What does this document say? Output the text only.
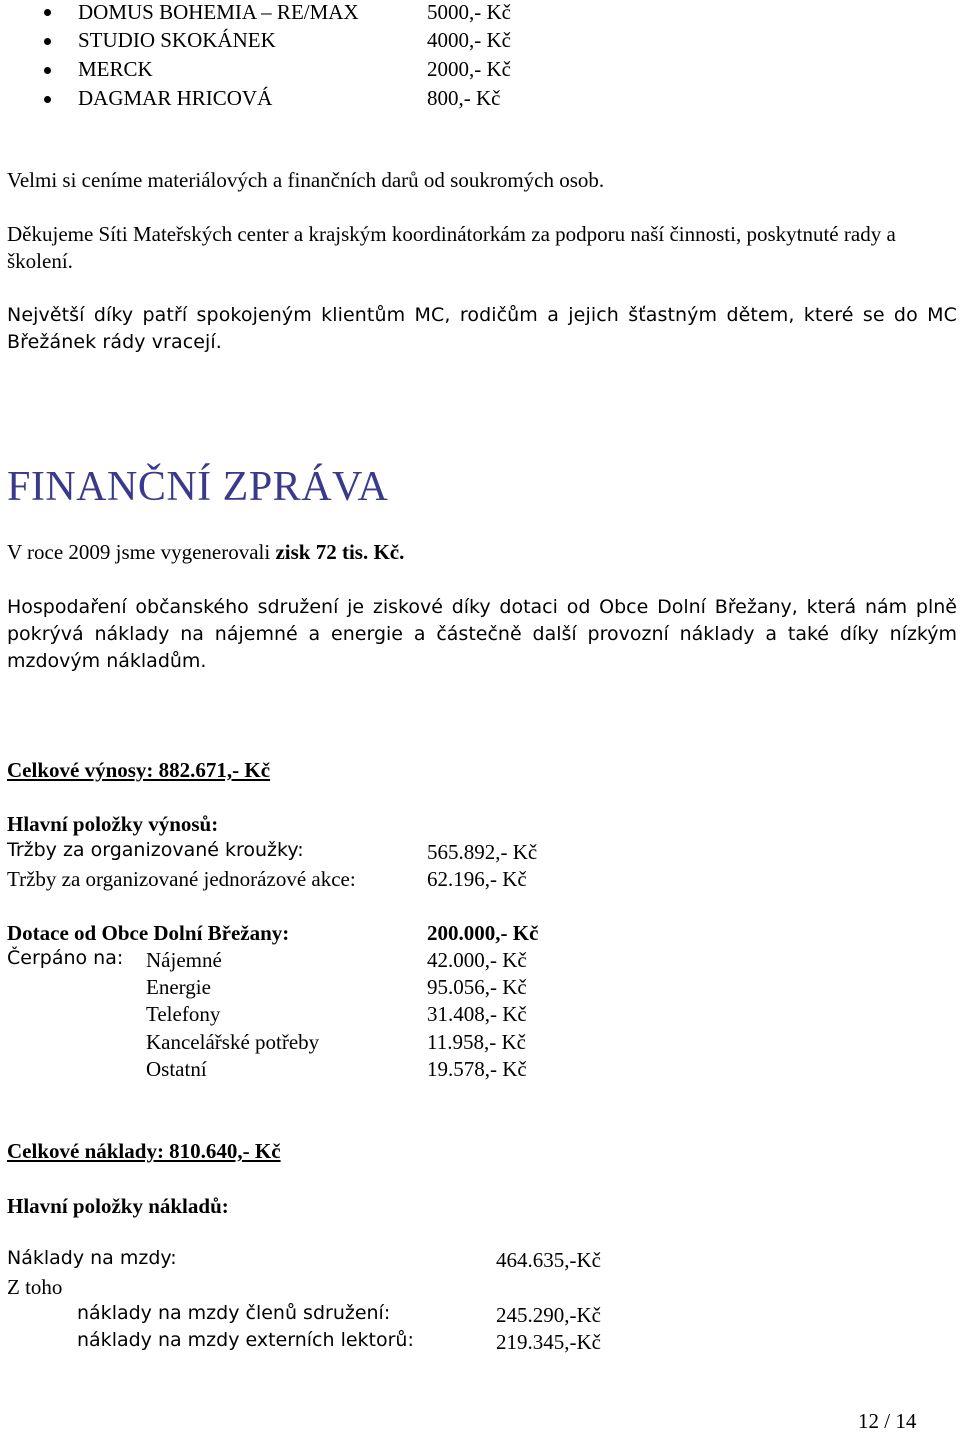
DOMUS BOHEMIA – RE/MAX	5000,- Kč
STUDIO SKOKÁNEK	4000,- Kč
MERCK	2000,- Kč
DAGMAR HRICOVÁ	800,- Kč
Velmi si ceníme materiálových a finančních darů od soukromých osob.
Děkujeme Síti Mateřských center a krajským koordinátorkám za podporu naší činnosti, poskytnuté rady a školení.
Největší díky patří spokojeným klientům MC, rodičům a jejich šťastným dětem, které se do MC Břežánek rády vracejí.
FINANČNÍ ZPRÁVA
V roce 2009 jsme vygenerovali zisk 72 tis. Kč.
Hospodaření občanského sdružení je ziskové díky dotaci od Obce Dolní Břežany, která nám plně pokrývá náklady na nájemné a energie a částečně další provozní náklady a také díky nízkým mzdovým nákladům.
Celkové výnosy: 882.671,- Kč
Hlavní položky výnosů:
Tržby za organizované kroužky:	565.892,- Kč
Tržby za organizované jednorázové akce:	62.196,- Kč
Dotace od Obce Dolní Břežany:	200.000,- Kč
Čerpáno na: Nájemné	42.000,- Kč
Energie	95.056,- Kč
Telefony	31.408,- Kč
Kancelářské potřeby	11.958,- Kč
Ostatní	19.578,- Kč
Celkové náklady: 810.640,- Kč
Hlavní položky nákladů:
Náklady na mzdy:	464.635,-Kč
Z toho
náklady na mzdy členů sdružení:	245.290,-Kč
náklady na mzdy externích lektorů:	219.345,-Kč
12 / 14
